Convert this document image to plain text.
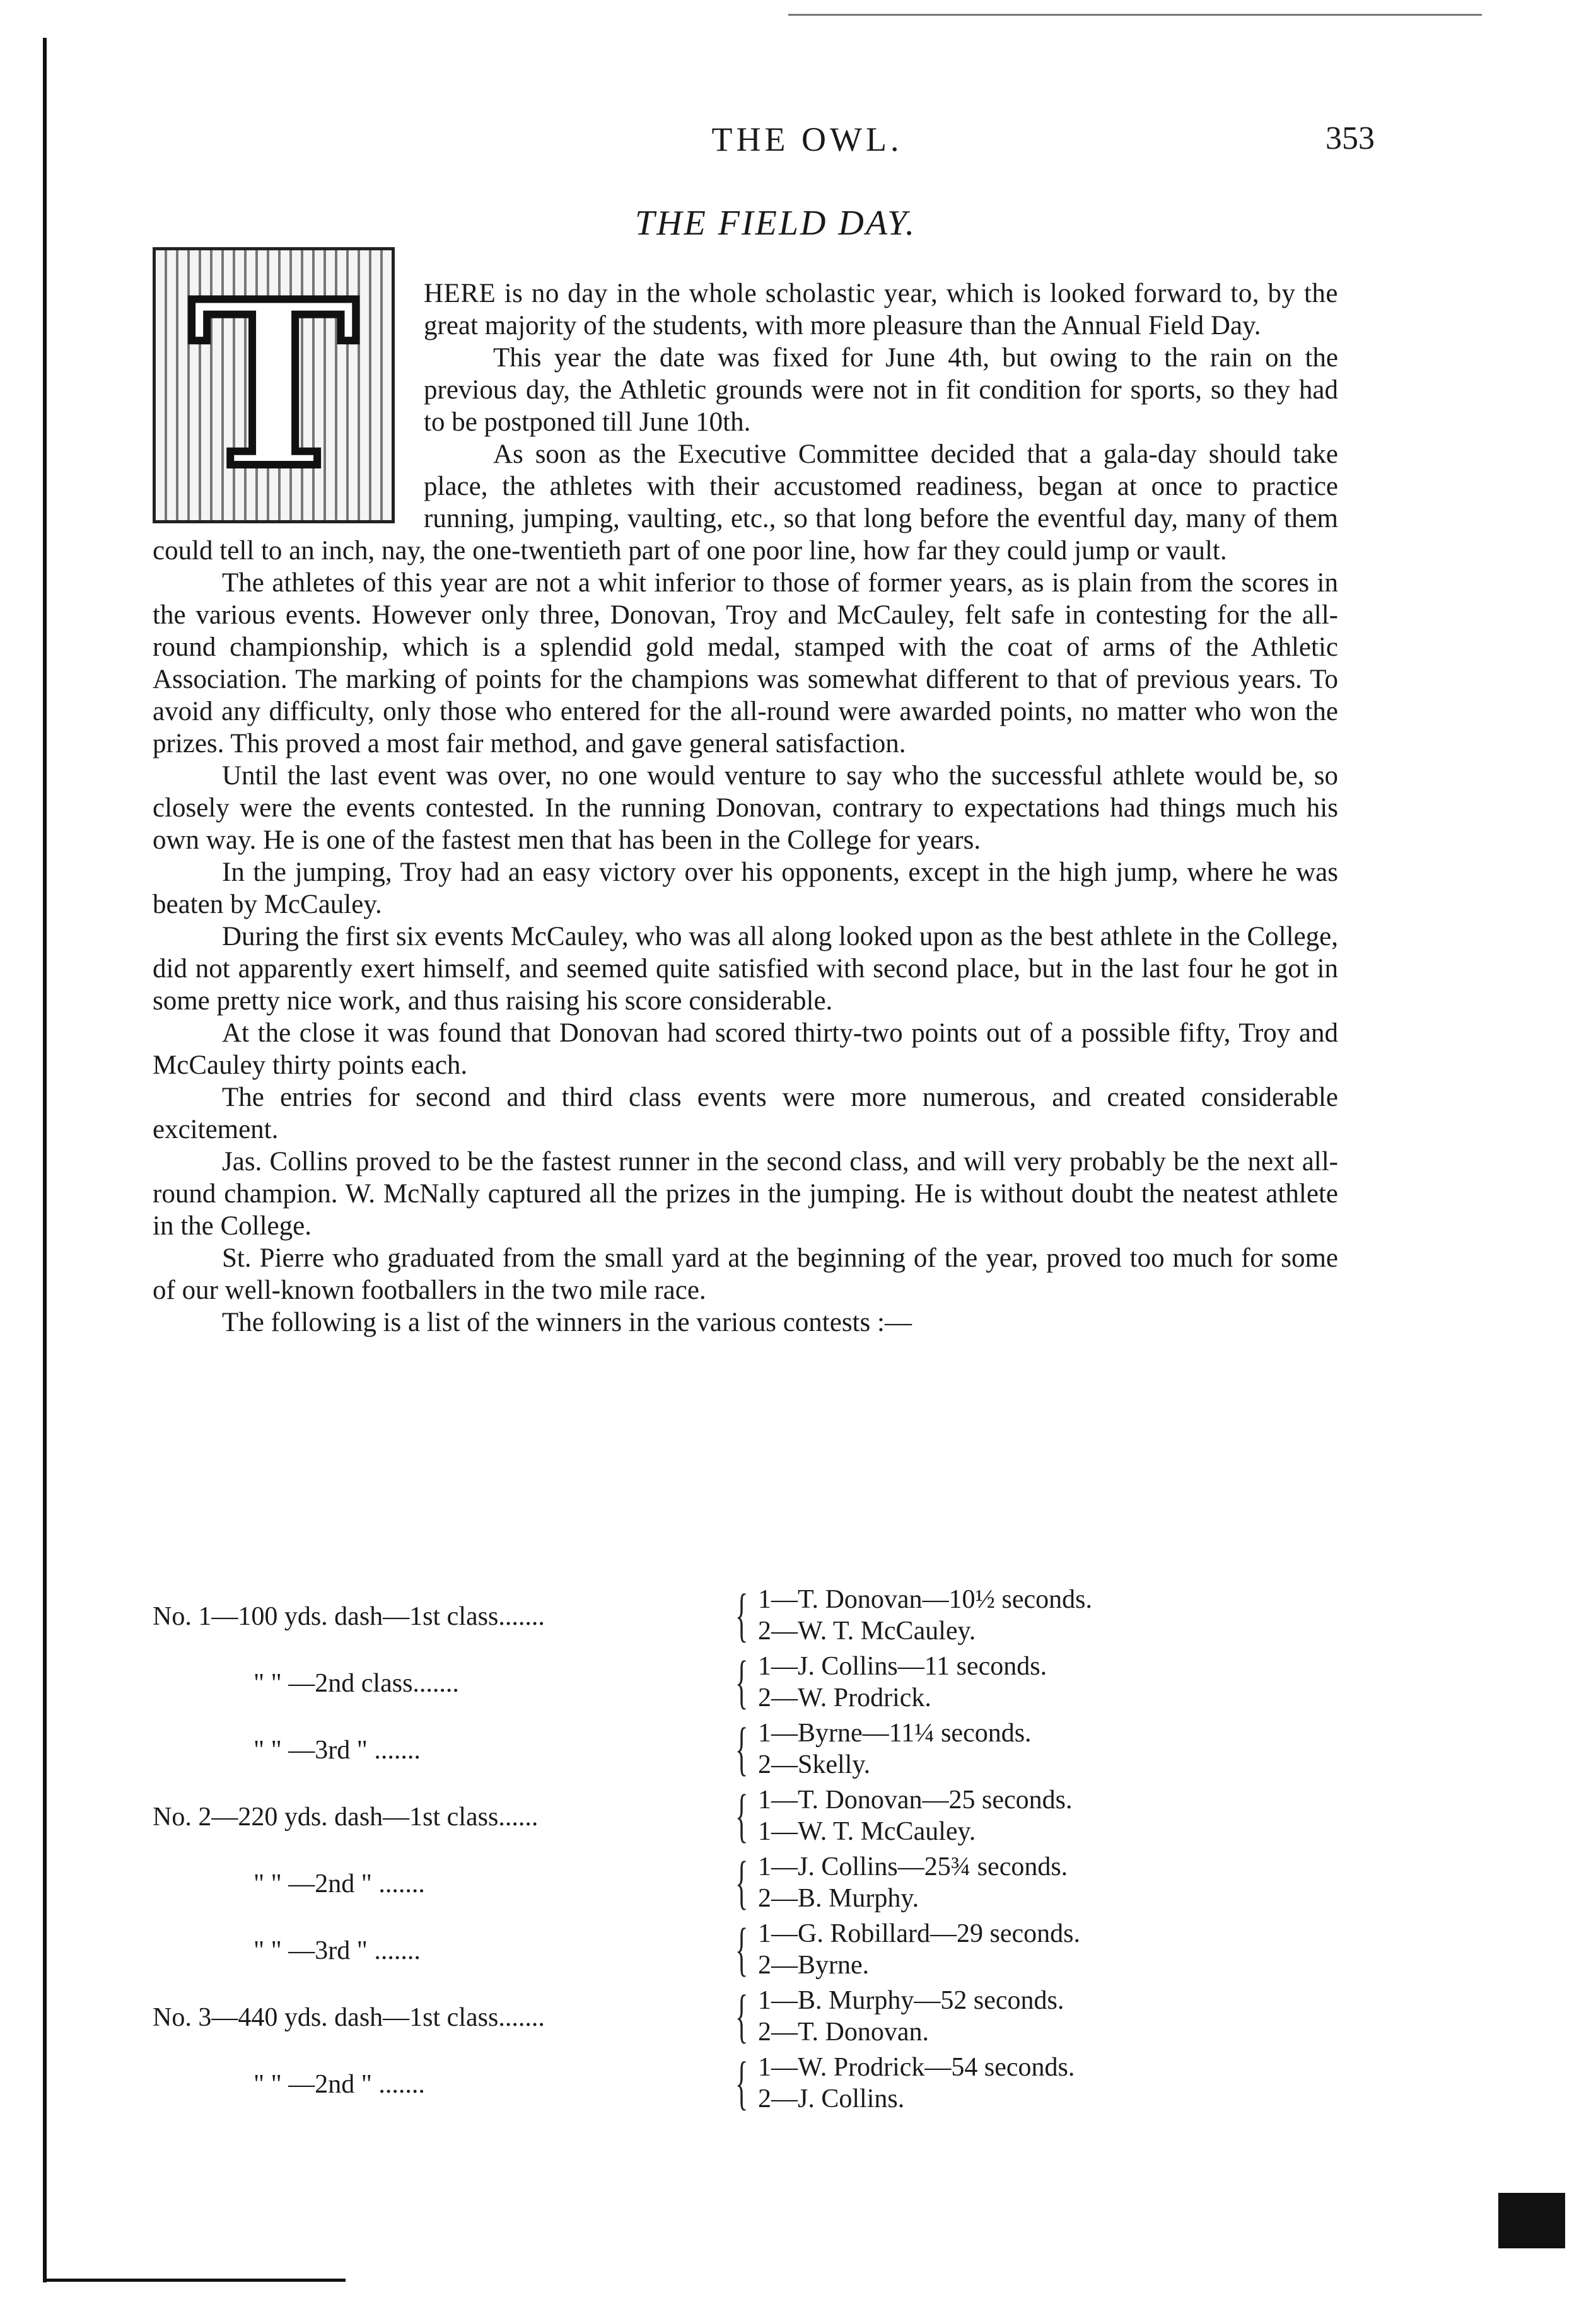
THE OWL.	353
THE FIELD DAY.
T	HERE is no day in the whole scholastic year, which is looked forward to, by the great majority of the students, with more pleasure than the Annual Field Day.

This year the date was fixed for June 4th, but owing to the rain on the previous day, the Athletic grounds were not in fit condition for sports, so they had to be postponed till June 10th.

As soon as the Executive Committee decided that a gala-day should take place, the athletes with their accustomed readiness, began at once to practice running, jumping, vaulting, etc., so that long before the eventful day, many of them could tell to an inch, nay, the one-twentieth part of one poor line, how far they could jump or vault.

The athletes of this year are not a whit inferior to those of former years, as is plain from the scores in the various events. However only three, Donovan, Troy and McCauley, felt safe in contesting for the all-round championship, which is a splendid gold medal, stamped with the coat of arms of the Athletic Association. The marking of points for the champions was somewhat different to that of previous years. To avoid any difficulty, only those who entered for the all-round were awarded points, no matter who won the prizes. This proved a most fair method, and gave general satisfaction.

Until the last event was over, no one would venture to say who the successful athlete would be, so closely were the events contested. In the running Donovan, contrary to expectations had things much his own way. He is one of the fastest men that has been in the College for years.

In the jumping, Troy had an easy victory over his opponents, except in the high jump, where he was beaten by McCauley.

During the first six events McCauley, who was all along looked upon as the best athlete in the College, did not apparently exert himself, and seemed quite satisfied with second place, but in the last four he got in some pretty nice work, and thus raising his score considerable.

At the close it was found that Donovan had scored thirty-two points out of a possible fifty, Troy and McCauley thirty points each.

The entries for second and third class events were more numerous, and created considerable excitement.

Jas. Collins proved to be the fastest runner in the second class, and will very probably be the next all-round champion. W. McNally captured all the prizes in the jumping. He is without doubt the neatest athlete in the College.

St. Pierre who graduated from the small yard at the beginning of the year, proved too much for some of our well-known footballers in the two mile race.

The following is a list of the winners in the various contests :—

No. 1—100 yds. dash—1st class.......	{ 1—T. Donovan—10½ seconds.
2—W. T. McCauley.
" " —2nd class.......	{ 1—J. Collins—11 seconds.
2—W. Prodrick.
" " —3rd " .......	{ 1—Byrne—11¼ seconds.
2—Skelly.
No. 2—220 yds. dash—1st class......	{ 1—T. Donovan—25 seconds.
1—W. T. McCauley.
" " —2nd " .......	{ 1—J. Collins—25¾ seconds.
2—B. Murphy.
" " —3rd " .......	{ 1—G. Robillard—29 seconds.
2—Byrne.
No. 3—440 yds. dash—1st class.......	{ 1—B. Murphy—52 seconds.
2—T. Donovan.
" " —2nd " .......	{ 1—W. Prodrick—54 seconds.
2—J. Collins.
